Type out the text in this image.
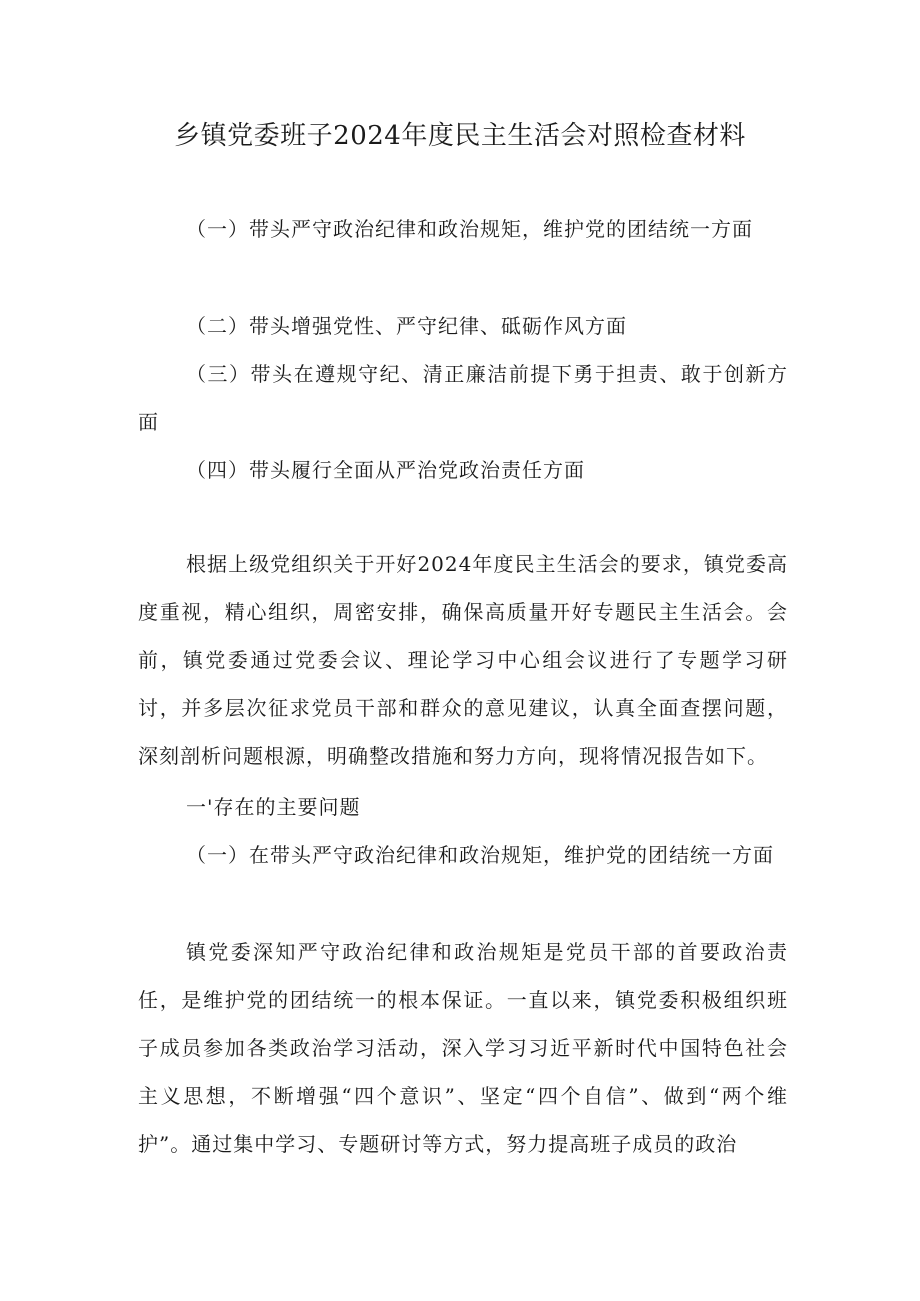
乡镇党委班子2024年度民主生活会对照检查材料

（一）带头严守政治纪律和政治规矩，维护党的团结统一方面

（二）带头增强党性、严守纪律、砥砺作风方面

（三）带头在遵规守纪、清正廉洁前提下勇于担责、敢于创新方面

（四）带头履行全面从严治党政治责任方面

根据上级党组织关于开好2024年度民主生活会的要求，镇党委高度重视，精心组织，周密安排，确保高质量开好专题民主生活会。会前，镇党委通过党委会议、理论学习中心组会议进行了专题学习研讨，并多层次征求党员干部和群众的意见建议，认真全面查摆问题，深刻剖析问题根源，明确整改措施和努力方向，现将情况报告如下。

一'存在的主要问题

（一）在带头严守政治纪律和政治规矩，维护党的团结统一方面

镇党委深知严守政治纪律和政治规矩是党员干部的首要政治责任，是维护党的团结统一的根本保证。一直以来，镇党委积极组织班子成员参加各类政治学习活动，深入学习习近平新时代中国特色社会主义思想，不断增强“四个意识”、坚定“四个自信”、做到“两个维护”。通过集中学习、专题研讨等方式，努力提高班子成员的政治
